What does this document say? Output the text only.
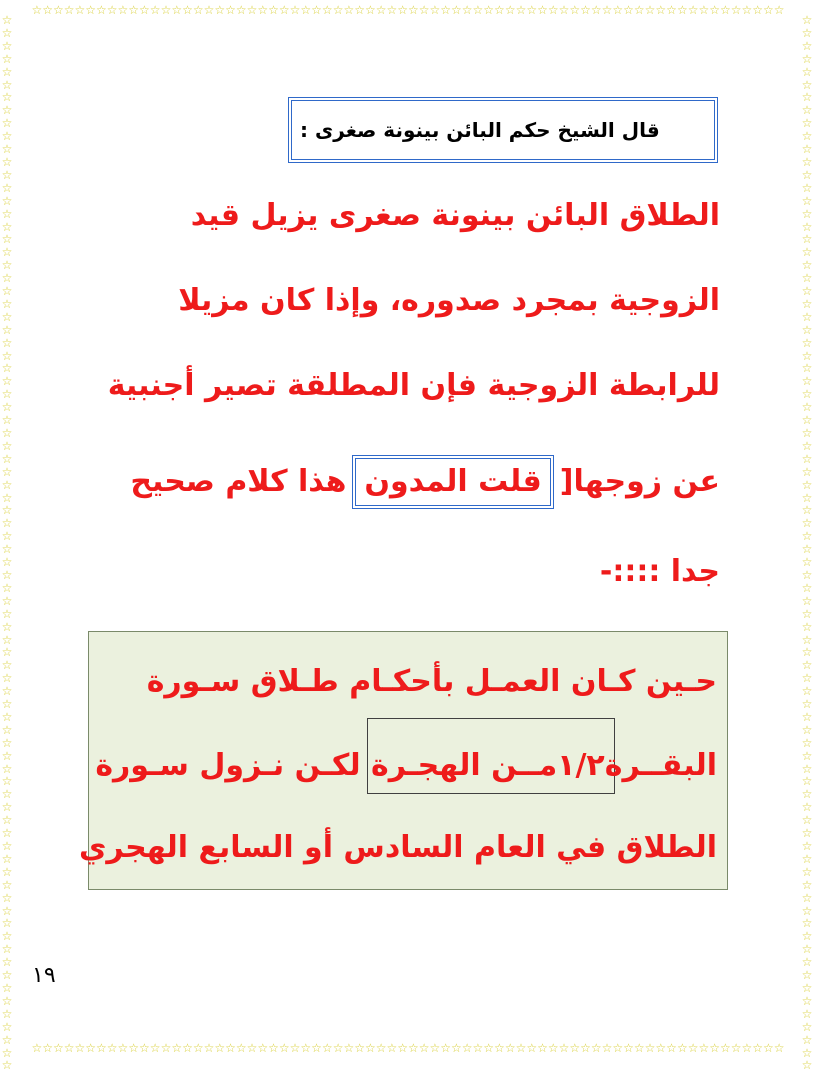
☆☆☆☆☆☆☆☆☆☆☆☆☆☆☆☆☆☆☆☆☆☆☆☆☆☆☆☆☆☆☆☆☆☆☆☆☆☆☆☆☆☆☆☆☆☆☆☆☆☆☆☆☆☆☆☆☆☆☆☆☆☆☆☆☆☆☆☆☆☆
☆☆☆☆☆☆☆☆☆☆☆☆☆☆☆☆☆☆☆☆☆☆☆☆☆☆☆☆☆☆☆☆☆☆☆☆☆☆☆☆☆☆☆☆☆☆☆☆☆☆☆☆☆☆☆☆☆☆☆☆☆☆☆☆☆☆☆☆☆☆
☆
☆
☆
☆
☆
☆
☆
☆
☆
☆
☆
☆
☆
☆
☆
☆
☆
☆
☆
☆
☆
☆
☆
☆
☆
☆
☆
☆
☆
☆
☆
☆
☆
☆
☆
☆
☆
☆
☆
☆
☆
☆
☆
☆
☆
☆
☆
☆
☆
☆
☆
☆
☆
☆
☆
☆
☆
☆
☆
☆
☆
☆
☆
☆
☆
☆
☆
☆
☆
☆
☆
☆
☆
☆
☆
☆
☆
☆
☆
☆
☆
☆
☆
☆
☆
☆
☆
☆
☆
☆
☆
☆
☆
☆
☆
☆
☆
☆
☆
☆
☆
☆
☆
☆
☆
☆
☆
☆
☆
☆
☆
☆
☆
☆
☆
☆
☆
☆
☆
☆
☆
☆
☆
☆
☆
☆
☆
☆
☆
☆
☆
☆
☆
☆
☆
☆
☆
☆
☆
☆
☆
☆
☆
☆
☆
☆
☆
☆
☆
☆
☆
☆
☆
☆
☆
☆
☆
☆
☆
☆
☆
☆
☆
☆
قال الشيخ حكم البائن بينونة صغرى :
الطلاق البائن بينونة صغرى يزيل قيد
الزوجية بمجرد صدوره، وإذا كان مزيلا
للرابطة الزوجية فإن المطلقة تصير أجنبية
عن زوجها[قلت المدونهذا كلام صحيح
جدا ::::-
حـين كـان العمـل بأحكـام طـلاق سـورة
البقــرة١/٢مــن الهجـرة لكـن نـزول سـورة
الطلاق في العام السادس أو السابع الهجري
١٩
